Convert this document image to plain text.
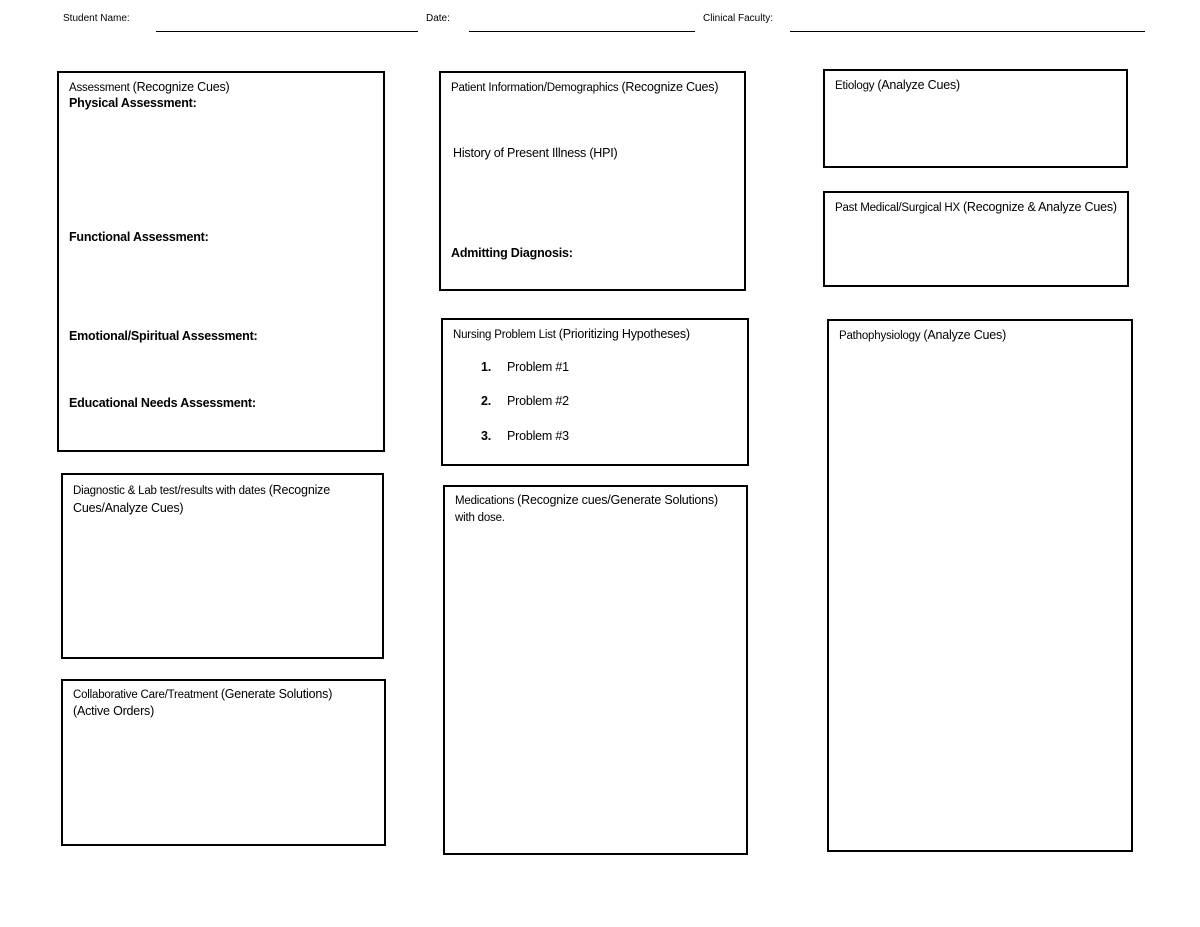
Student Name:	Date:	Clinical Faculty:
Assessment (Recognize Cues)
Physical Assessment:
Functional Assessment:
Emotional/Spiritual Assessment:
Educational Needs Assessment:
Patient Information/Demographics (Recognize Cues)
History of Present Illness (HPI)
Admitting Diagnosis:
Etiology (Analyze Cues)
Past Medical/Surgical HX (Recognize & Analyze Cues)
Nursing Problem List (Prioritizing Hypotheses)
1. Problem #1
2. Problem #2
3. Problem #3
Pathophysiology (Analyze Cues)
Diagnostic & Lab test/results with dates (Recognize Cues/Analyze Cues)	Medications (Recognize cues/Generate Solutions)
with dose.
Collaborative Care/Treatment (Generate Solutions)
(Active Orders)
